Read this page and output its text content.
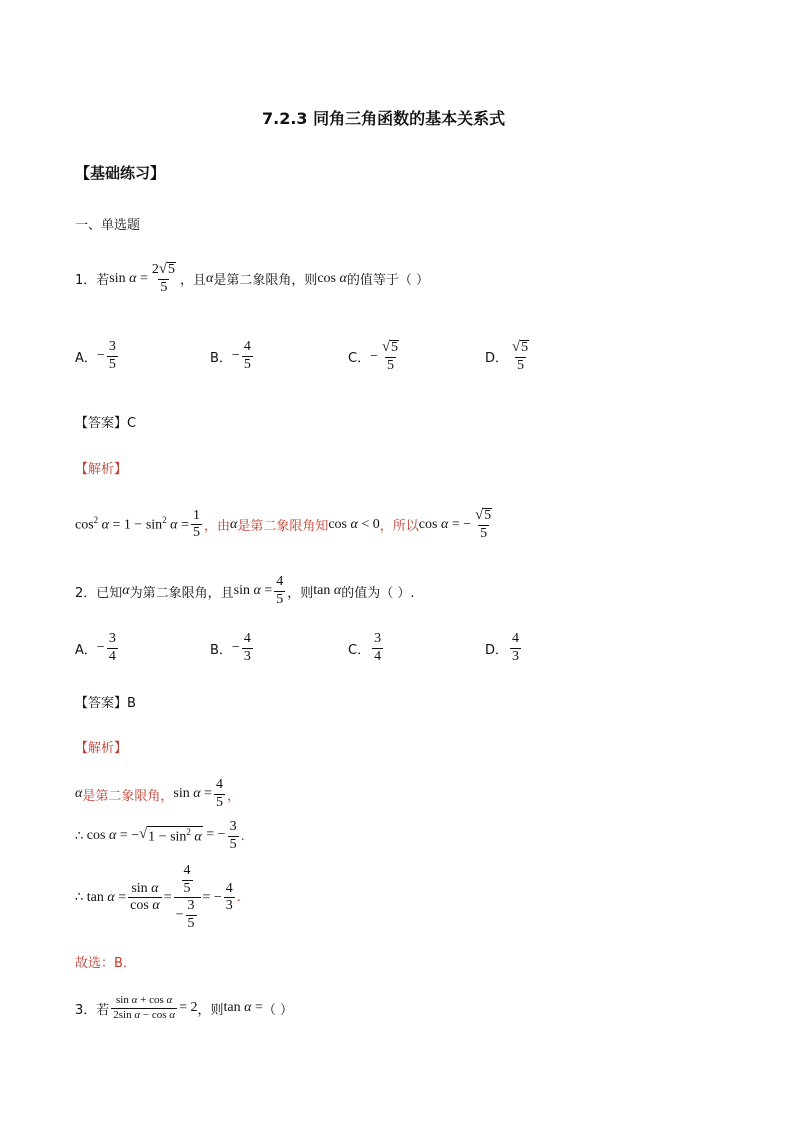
7.2.3 同角三角函数的基本关系式
【基础练习】
一、单选题
1．若 $\sin \alpha = \frac{2 √ 5}{5}$ ，且 α 是第二象限角，则 cos α 的值等于（ ）
A． − $\frac{3}{5}$	B． − $\frac{4}{5}$	C． − $\frac{√ 5}{5}$	D． $\frac{√ 5}{5}$
【答案】C
【解析】
$\cos^2 \alpha = 1 - \sin^2 \alpha = \frac{1}{5}$ ，由 α 是第二象限角知 cos α < 0 ，所以 cos α = − $\frac{√ 5}{5}$
2．已知 α 为第二象限角，且 $\sin \alpha = \frac{4}{5}$ ，则 tan α 的值为（ ）.
A． − $\frac{3}{4}$	B． − $\frac{4}{3}$	C． $\frac{3}{4}$	D． $\frac{4}{3}$
【答案】B
【解析】
α 是第二象限角， $\sin \alpha = \frac{4}{5}$ ，
∴ cos α = − √ $1 - \sin^2 \alpha$ = − $\frac{3}{5}$ .
∴ $\tan \alpha = \frac{\text{sin α}}{\text{cos α}} = \frac{\frac{4}{5}}{- \frac{3}{5}}$ = − $\frac{4}{3}$ .
故选：B．
3．若 $\frac{\text{sin α + cos α}}{\text{2sin α − cos α}} = 2$ ，则 tan α = （ ）
